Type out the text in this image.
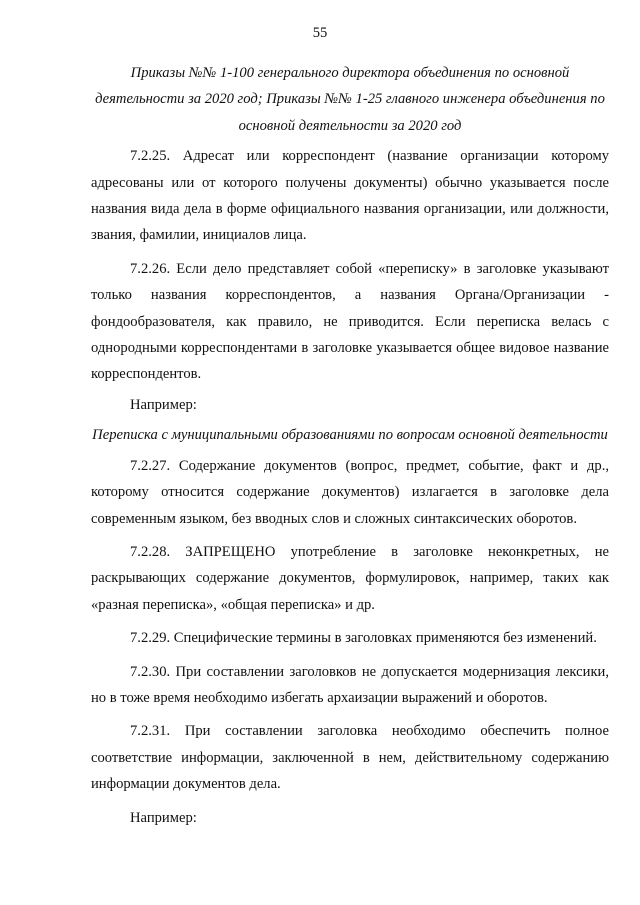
55

Приказы №№ 1-100 генерального директора объединения по основной деятельности за 2020 год; Приказы №№ 1-25 главного инженера объединения по основной деятельности за 2020 год

7.2.25. Адресат или корреспондент (название организации которому адресованы или от которого получены документы) обычно указывается после названия вида дела в форме официального названия организации, или должности, звания, фамилии, инициалов лица.

7.2.26. Если дело представляет собой «переписку» в заголовке указывают только названия корреспондентов, а названия Органа/Организации - фондообразователя, как правило, не приводится. Если переписка велась с однородными корреспондентами в заголовке указывается общее видовое название корреспондентов.

Например:

Переписка с муниципальными образованиями по вопросам основной деятельности

7.2.27. Содержание документов (вопрос, предмет, событие, факт и др., которому относится содержание документов) излагается в заголовке дела современным языком, без вводных слов и сложных синтаксических оборотов.

7.2.28. ЗАПРЕЩЕНО употребление в заголовке неконкретных, не раскрывающих содержание документов, формулировок, например, таких как «разная переписка», «общая переписка» и др.

7.2.29. Специфические термины в заголовках применяются без изменений.

7.2.30. При составлении заголовков не допускается модернизация лексики, но в тоже время необходимо избегать архаизации выражений и оборотов.

7.2.31. При составлении заголовка необходимо обеспечить полное соответствие информации, заключенной в нем, действительному содержанию информации документов дела.

Например:
